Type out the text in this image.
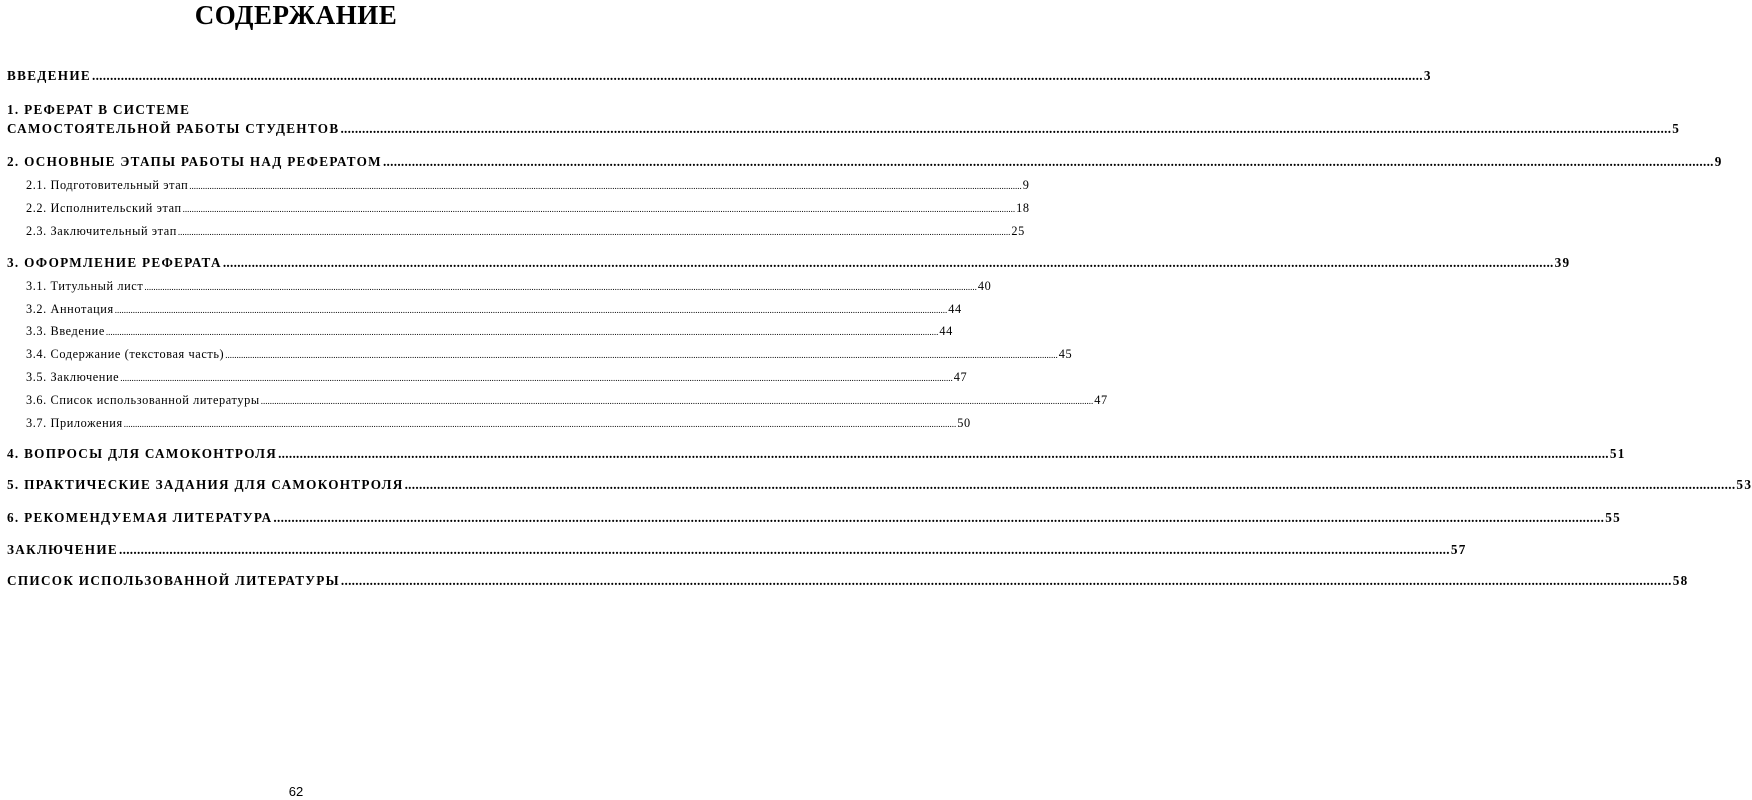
СОДЕРЖАНИЕ
ВВЕДЕНИЕ .................................................................................................................................................................................................................................................................................................................................................................................. 3
1. РЕФЕРАТ В СИСТЕМЕ
САМОСТОЯТЕЛЬНОЙ РАБОТЫ СТУДЕНТОВ .................................................................................................................................................................................................................................................................................................................................................................................. 5
2. ОСНОВНЫЕ ЭТАПЫ РАБОТЫ НАД РЕФЕРАТОМ .................................................................................................................................................................................................................................................................................................................................................................................. 9
2.1. Подготовительный этап .................................................................................................................................................................................................................................................................................................................................................................................. 9
2.2. Исполнительский этап .................................................................................................................................................................................................................................................................................................................................................................................. 18
2.3. Заключительный этап .................................................................................................................................................................................................................................................................................................................................................................................. 25
3. ОФОРМЛЕНИЕ РЕФЕРАТА .................................................................................................................................................................................................................................................................................................................................................................................. 39
3.1. Титульный лист .................................................................................................................................................................................................................................................................................................................................................................................. 40
3.2. Аннотация .................................................................................................................................................................................................................................................................................................................................................................................. 44
3.3. Введение .................................................................................................................................................................................................................................................................................................................................................................................. 44
3.4. Содержание (текстовая часть) .................................................................................................................................................................................................................................................................................................................................................................................. 45
3.5. Заключение .................................................................................................................................................................................................................................................................................................................................................................................. 47
3.6. Список использованной литературы .................................................................................................................................................................................................................................................................................................................................................................................. 47
3.7. Приложения .................................................................................................................................................................................................................................................................................................................................................................................. 50
4. ВОПРОСЫ ДЛЯ САМОКОНТРОЛЯ .................................................................................................................................................................................................................................................................................................................................................................................. 51
5. ПРАКТИЧЕСКИЕ ЗАДАНИЯ ДЛЯ САМОКОНТРОЛЯ .................................................................................................................................................................................................................................................................................................................................................................................. 53
6. РЕКОМЕНДУЕМАЯ ЛИТЕРАТУРА .................................................................................................................................................................................................................................................................................................................................................................................. 55
ЗАКЛЮЧЕНИЕ .................................................................................................................................................................................................................................................................................................................................................................................. 57
СПИСОК ИСПОЛЬЗОВАННОЙ ЛИТЕРАТУРЫ .................................................................................................................................................................................................................................................................................................................................................................................. 58
62
